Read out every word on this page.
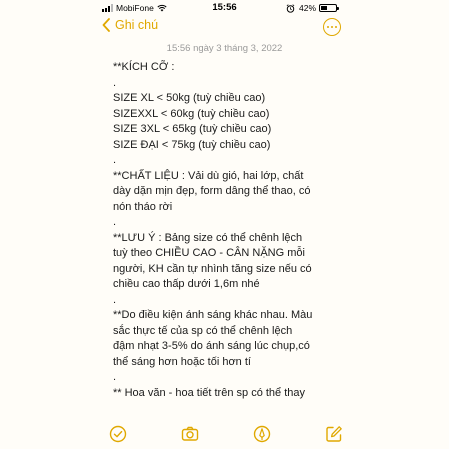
MobiFone	15:56	42%
Ghi chú
15:56 ngày 3 tháng 3, 2022
**KÍCH CỠ :
.
SIZE XL < 50kg (tuỳ chiều cao)
SIZEXXL < 60kg (tuỳ chiều cao)
SIZE 3XL < 65kg (tuỳ chiều cao)
SIZE ĐẠI < 75kg (tuỳ chiều cao)
.
**CHẤT LIỆU : Vải dù gió, hai lớp, chất
dày dặn mịn đẹp, form dâng thể thao, có
nón tháo rời
.
**LƯU Ý : Bảng size có thể chênh lệch
tuỳ theo CHIỀU CAO - CÂN NẶNG mỗi
người, KH cần tự nhình tăng size nếu có
chiều cao thấp dưới 1,6m nhé
.
**Do điều kiện ánh sáng khác nhau. Màu
sắc thực tế của sp có thể chênh lệch
đậm nhạt 3-5% do ánh sáng lúc chụp,có
thể sáng hơn hoặc tối hơn tí
.
** Hoa văn - hoa tiết trên sp có thể thay
